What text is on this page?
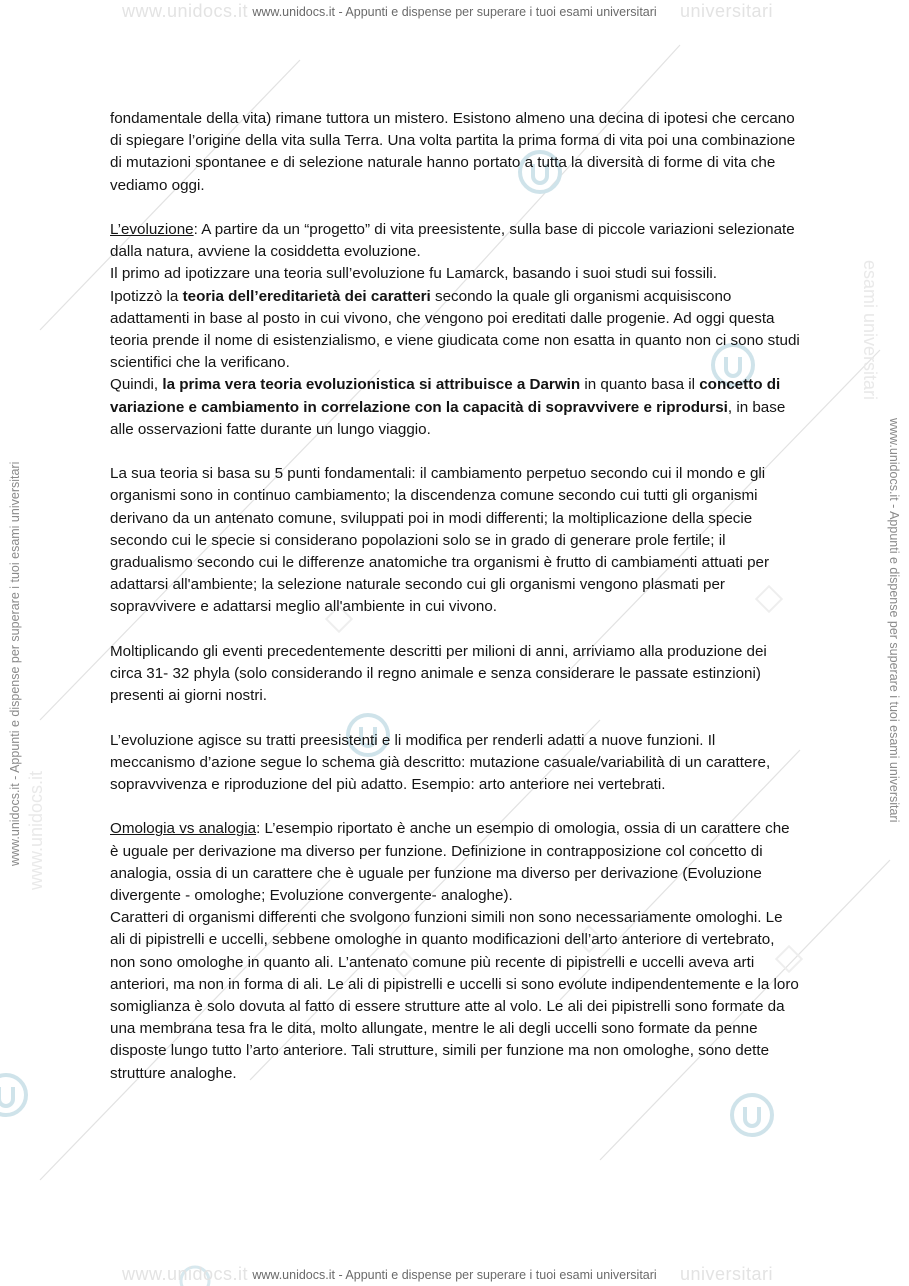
www.unidocs.it	universitari
www.unidocs.it	universitari
www.unidocs.it
esami universitari
www.unidocs.it - Appunti e dispense per superare i tuoi esami universitari
www.unidocs.it - Appunti e dispense per superare i tuoi esami universitari
www.unidocs.it - Appunti e dispense per superare i tuoi esami universitari	www.unidocs.it - Appunti e dispense per superare i tuoi esami universitari

fondamentale della vita) rimane tuttora un mistero. Esistono almeno una decina di ipotesi che cercano di spiegare l’origine della vita sulla Terra. Una volta partita la prima forma di vita poi una combinazione di mutazioni spontanee e di selezione naturale hanno portato a tutta la diversità di forme di vita che vediamo oggi.

L’evoluzione: A partire da un “progetto” di vita preesistente, sulla base di piccole variazioni selezionate dalla natura, avviene la cosiddetta evoluzione.

Il primo ad ipotizzare una teoria sull’evoluzione fu Lamarck, basando i suoi studi sui fossili.

Ipotizzò la teoria dell’ereditarietà dei caratteri secondo la quale gli organismi acquisiscono adattamenti in base al posto in cui vivono, che vengono poi ereditati dalle progenie. Ad oggi questa teoria prende il nome di esistenzialismo, e viene giudicata come non esatta in quanto non ci sono studi scientifici che la verificano.

Quindi, la prima vera teoria evoluzionistica si attribuisce a Darwin in quanto basa il concetto di variazione e cambiamento in correlazione con la capacità di sopravvivere e riprodursi, in base alle osservazioni fatte durante un lungo viaggio.

La sua teoria si basa su 5 punti fondamentali: il cambiamento perpetuo secondo cui il mondo e gli organismi sono in continuo cambiamento; la discendenza comune secondo cui tutti gli organismi derivano da un antenato comune, sviluppati poi in modi differenti; la moltiplicazione della specie secondo cui le specie si considerano popolazioni solo se in grado di generare prole fertile; il gradualismo secondo cui le differenze anatomiche tra organismi è frutto di cambiamenti attuati per adattarsi all'ambiente; la selezione naturale secondo cui gli organismi vengono plasmati per sopravvivere e adattarsi meglio all'ambiente in cui vivono.

Moltiplicando gli eventi precedentemente descritti per milioni di anni, arriviamo alla produzione dei circa 31- 32 phyla (solo considerando il regno animale e senza considerare le passate estinzioni) presenti ai giorni nostri.

L’evoluzione agisce su tratti preesistenti e li modifica per renderli adatti a nuove funzioni. Il meccanismo d’azione segue lo schema già descritto: mutazione casuale/variabilità di un carattere, sopravvivenza e riproduzione del più adatto. Esempio: arto anteriore nei vertebrati.

Omologia vs analogia: L’esempio riportato è anche un esempio di omologia, ossia di un carattere che è uguale per derivazione ma diverso per funzione. Definizione in contrapposizione col concetto di analogia, ossia di un carattere che è uguale per funzione ma diverso per derivazione (Evoluzione divergente - omologhe; Evoluzione convergente- analoghe).

Caratteri di organismi differenti che svolgono funzioni simili non sono necessariamente omologhi. Le ali di pipistrelli e uccelli, sebbene omologhe in quanto modificazioni dell’arto anteriore di vertebrato, non sono omologhe in quanto ali. L’antenato comune più recente di pipistrelli e uccelli aveva arti anteriori, ma non in forma di ali. Le ali di pipistrelli e uccelli si sono evolute indipendentemente e la loro somiglianza è solo dovuta al fatto di essere strutture atte al volo. Le ali dei pipistrelli sono formate da una membrana tesa fra le dita, molto allungate, mentre le ali degli uccelli sono formate da penne disposte lungo tutto l’arto anteriore. Tali strutture, simili per funzione ma non omologhe, sono dette strutture analoghe.
